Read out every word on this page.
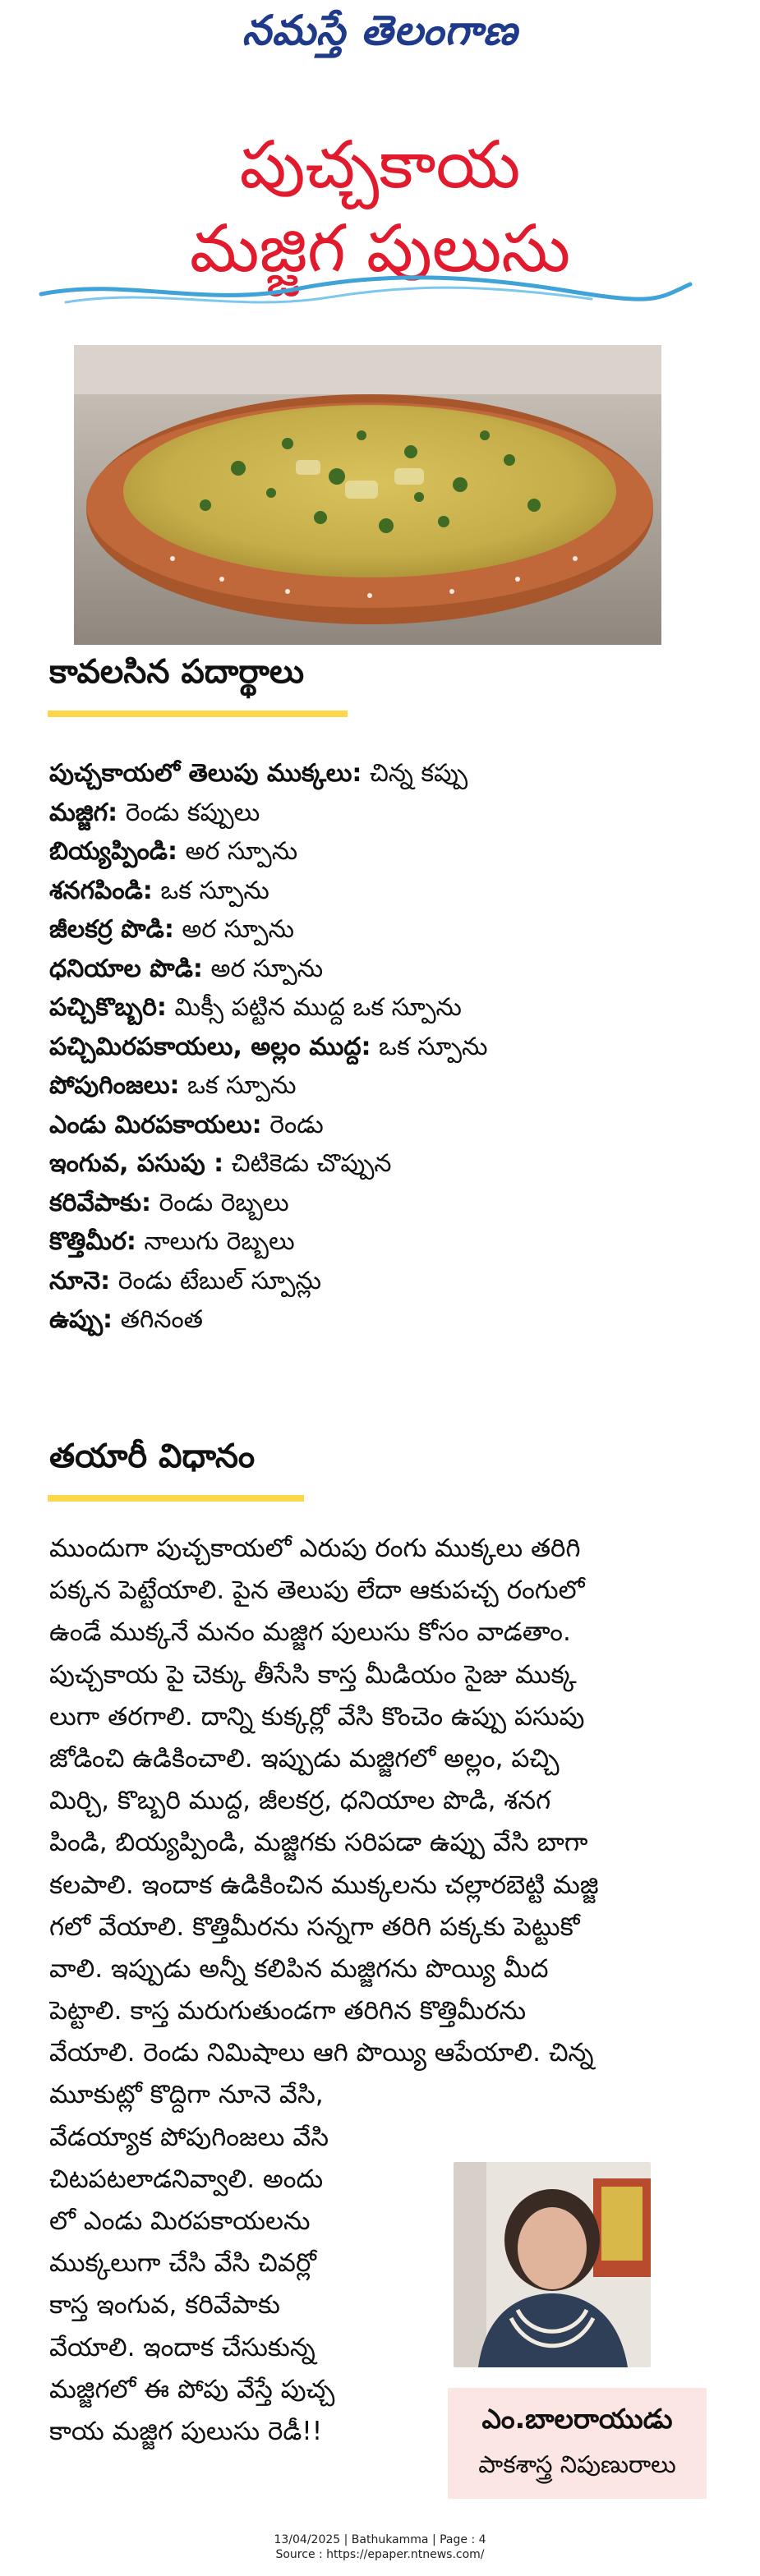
నమస్తే తెలంగాణ
పుచ్చకాయ
మజ్జిగ పులుసు
కావలసిన పదార్థాలు
పుచ్చకాయలో తెలుపు ముక్కలు: చిన్న కప్పు
మజ్జిగ: రెండు కప్పులు
బియ్యప్పిండి: అర స్పూను
శనగపిండి: ఒక స్పూను
జీలకర్ర పొడి: అర స్పూను
ధనియాల పొడి: అర స్పూను
పచ్చికొబ్బరి: మిక్సీ పట్టిన ముద్ద ఒక స్పూను
పచ్చిమిరపకాయలు, అల్లం ముద్ద: ఒక స్పూను
పోపుగింజలు: ఒక స్పూను
ఎండు మిరపకాయలు: రెండు
ఇంగువ, పసుపు : చిటికెడు చొప్పున
కరివేపాకు: రెండు రెబ్బలు
కొత్తిమీర: నాలుగు రెబ్బలు
నూనె: రెండు టేబుల్ స్పూన్లు
ఉప్పు: తగినంత
తయారీ విధానం
ముందుగా పుచ్చకాయలో ఎరుపు రంగు ముక్కలు తరిగి
పక్కన పెట్టేయాలి. పైన తెలుపు లేదా ఆకుపచ్చ రంగులో
ఉండే ముక్కనే మనం మజ్జిగ పులుసు కోసం వాడతాం.
పుచ్చకాయ పై చెక్కు తీసేసి కాస్త మీడియం సైజు ముక్క
లుగా తరగాలి. దాన్ని కుక్కర్లో వేసి కొంచెం ఉప్పు పసుపు
జోడించి ఉడికించాలి. ఇప్పుడు మజ్జిగలో అల్లం, పచ్చి
మిర్చి, కొబ్బరి ముద్ద, జీలకర్ర, ధనియాల పొడి, శనగ
పిండి, బియ్యప్పిండి, మజ్జిగకు సరిపడా ఉప్పు వేసి బాగా
కలపాలి. ఇందాక ఉడికించిన ముక్కలను చల్లారబెట్టి మజ్జి
గలో వేయాలి. కొత్తిమీరను సన్నగా తరిగి పక్కకు పెట్టుకో
వాలి. ఇప్పుడు అన్నీ కలిపిన మజ్జిగను పొయ్యి మీద
పెట్టాలి. కాస్త మరుగుతుండగా తరిగిన కొత్తిమీరను
వేయాలి. రెండు నిమిషాలు ఆగి పొయ్యి ఆపేయాలి. చిన్న
మూకుట్లో కొద్దిగా నూనె వేసి,
వేడయ్యాక పోపుగింజలు వేసి
చిటపటలాడనివ్వాలి. అందు
లో ఎండు మిరపకాయలను
ముక్కలుగా చేసి వేసి చివర్లో
కాస్త ఇంగువ, కరివేపాకు
వేయాలి. ఇందాక చేసుకున్న
మజ్జిగలో ఈ పోపు వేస్తే పుచ్చ
కాయ మజ్జిగ పులుసు రెడీ!!	ఎం.బాలరాయుడు
పాకశాస్త్ర నిపుణురాలు
13/04/2025 | Bathukamma | Page : 4
Source : https://epaper.ntnews.com/
